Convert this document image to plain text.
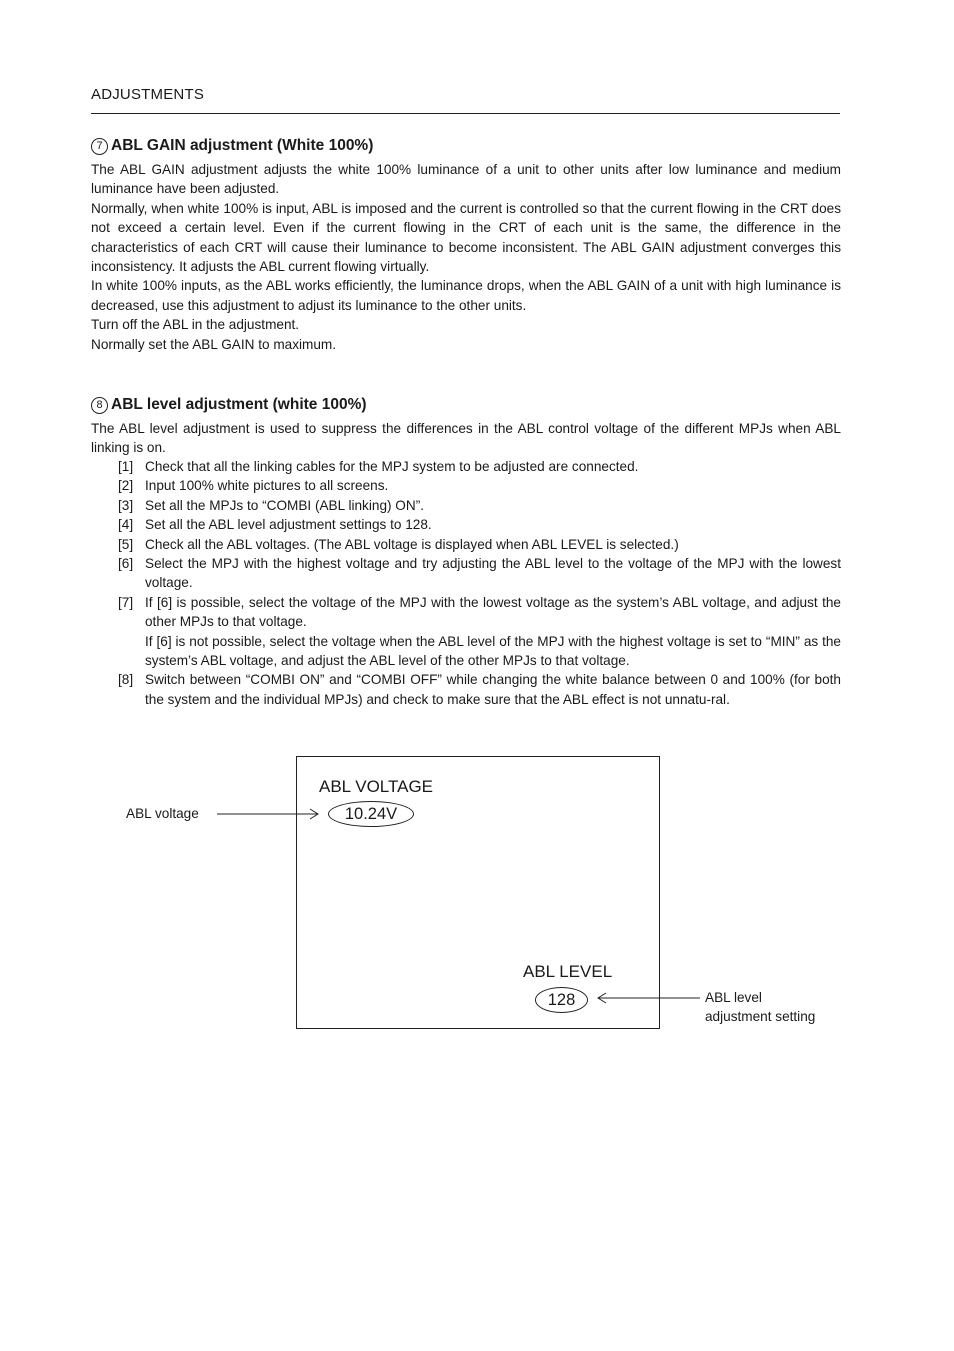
ADJUSTMENTS
7 ABL GAIN adjustment (White 100%)

The ABL GAIN adjustment adjusts the white 100% luminance of a unit to other units after low luminance and medium luminance have been adjusted.

Normally, when white 100% is input, ABL is imposed and the current is controlled so that the current flowing in the CRT does not exceed a certain level. Even if the current flowing in the CRT of each unit is the same, the difference in the characteristics of each CRT will cause their luminance to become inconsistent. The ABL GAIN adjustment converges this inconsistency. It adjusts the ABL current flowing virtually.

In white 100% inputs, as the ABL works efficiently, the luminance drops, when the ABL GAIN of a unit with high luminance is decreased, use this adjustment to adjust its luminance to the other units.

Turn off the ABL in the adjustment.

Normally set the ABL GAIN to maximum.

8 ABL level adjustment (white 100%)
The ABL level adjustment is used to suppress the differences in the ABL control voltage of the different MPJs when ABL linking is on.
[1] Check that all the linking cables for the MPJ system to be adjusted are connected.

[2] Input 100% white pictures to all screens.

[3] Set all the MPJs to “COMBI (ABL linking) ON”.

[4] Set all the ABL level adjustment settings to 128.

[5] Check all the ABL voltages. (The ABL voltage is displayed when ABL LEVEL is selected.)

[6] Select the MPJ with the highest voltage and try adjusting the ABL level to the voltage of the MPJ with the lowest voltage.

[7] If [6] is possible, select the voltage of the MPJ with the lowest voltage as the system’s ABL voltage, and adjust the other MPJs to that voltage.

If [6] is not possible, select the voltage when the ABL level of the MPJ with the highest voltage is set to “MIN” as the system’s ABL voltage, and adjust the ABL level of the other MPJs to that voltage.

[8] Switch between “COMBI ON” and “COMBI OFF” while changing the white balance between 0 and 100% (for both the system and the individual MPJs) and check to make sure that the ABL effect is not unnatu-ral.

ABL VOLTAGE
10.24V
ABL LEVEL
128
ABL voltage
ABL level
adjustment setting
